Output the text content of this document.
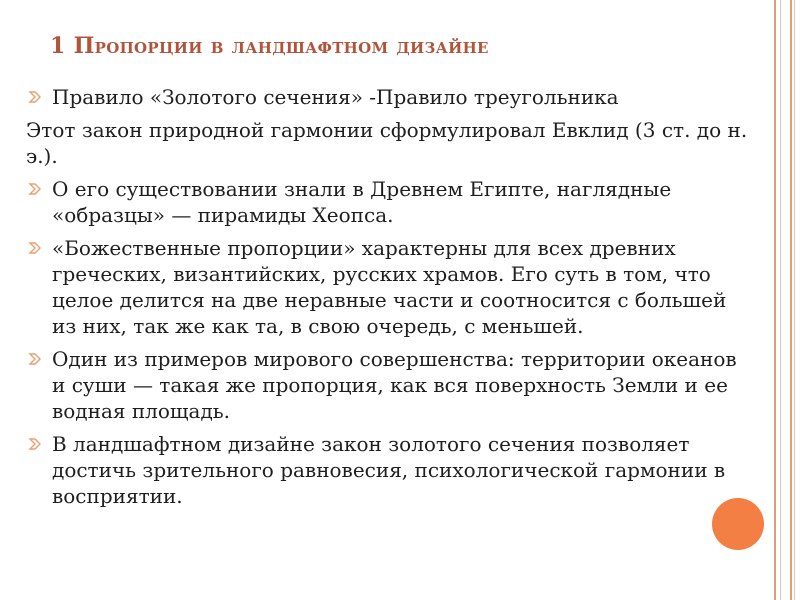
1 Пропорции в ландшафтном дизайне

Правило «Золотого сечения» -Правило треугольника

Этот закон природной гармонии сформулировал Евклид (3 ст. до н. э.).

О его существовании знали в Древнем Египте, наглядные «образцы» — пирамиды Хеопса.

«Божественные пропорции» характерны для всех древних греческих, византийских, русских храмов. Его суть в том, что целое делится на две неравные части и соотносится с большей из них, так же как та, в свою очередь, с меньшей.

Один из примеров мирового совершенства: территории океанов и суши — такая же пропорция, как вся поверхность Земли и ее водная площадь.

В ландшафтном дизайне закон золотого сечения позволяет достичь зрительного равновесия, психологической гармонии в восприятии.
